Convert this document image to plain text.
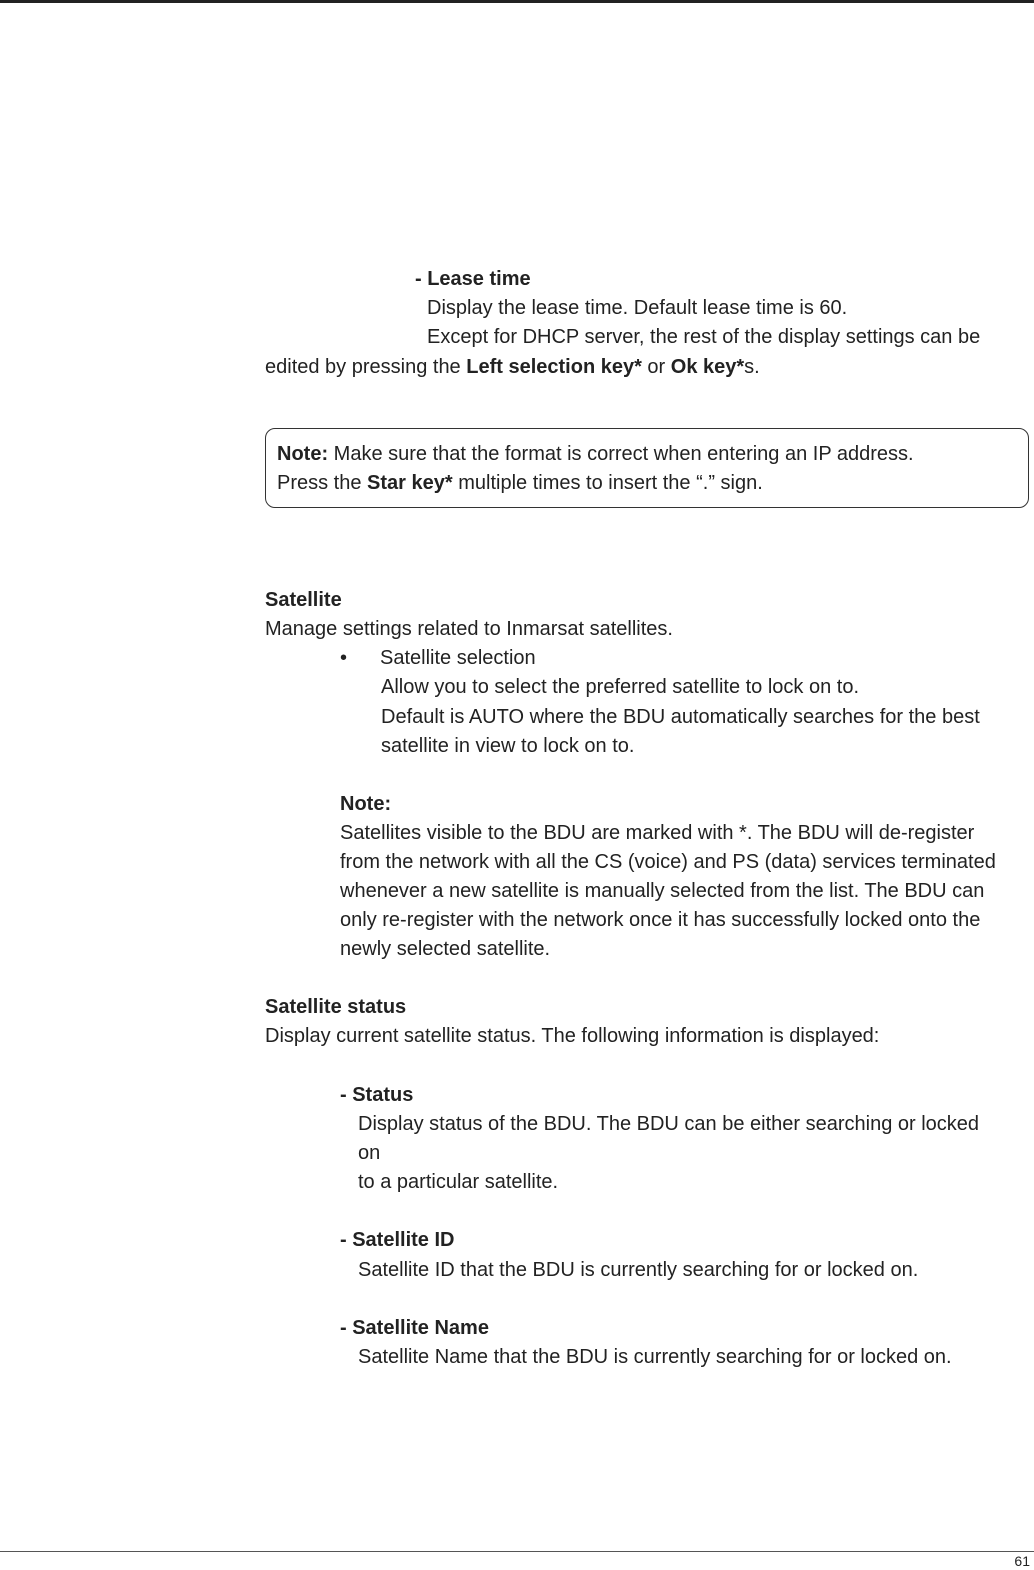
- Lease time
Display the lease time. Default lease time is 60.
Except for DHCP server, the rest of the display settings can be
edited by pressing the Left selection key* or Ok key*s.
Note: Make sure that the format is correct when entering an IP address.
Press the Star key* multiple times to insert the “.” sign.
Satellite
Manage settings related to Inmarsat satellites.
• Satellite selection
Allow you to select the preferred satellite to lock on to.
Default is AUTO where the BDU automatically searches for the best
satellite in view to lock on to.
Note:
Satellites visible to the BDU are marked with *. The BDU will de-register
from the network with all the CS (voice) and PS (data) services terminated
whenever a new satellite is manually selected from the list. The BDU can
only re-register with the network once it has successfully locked onto the
newly selected satellite.
Satellite status
Display current satellite status. The following information is displayed:
- Status
Display status of the BDU. The BDU can be either searching or locked
on
to a particular satellite.
- Satellite ID
Satellite ID that the BDU is currently searching for or locked on.
- Satellite Name
Satellite Name that the BDU is currently searching for or locked on.
61
